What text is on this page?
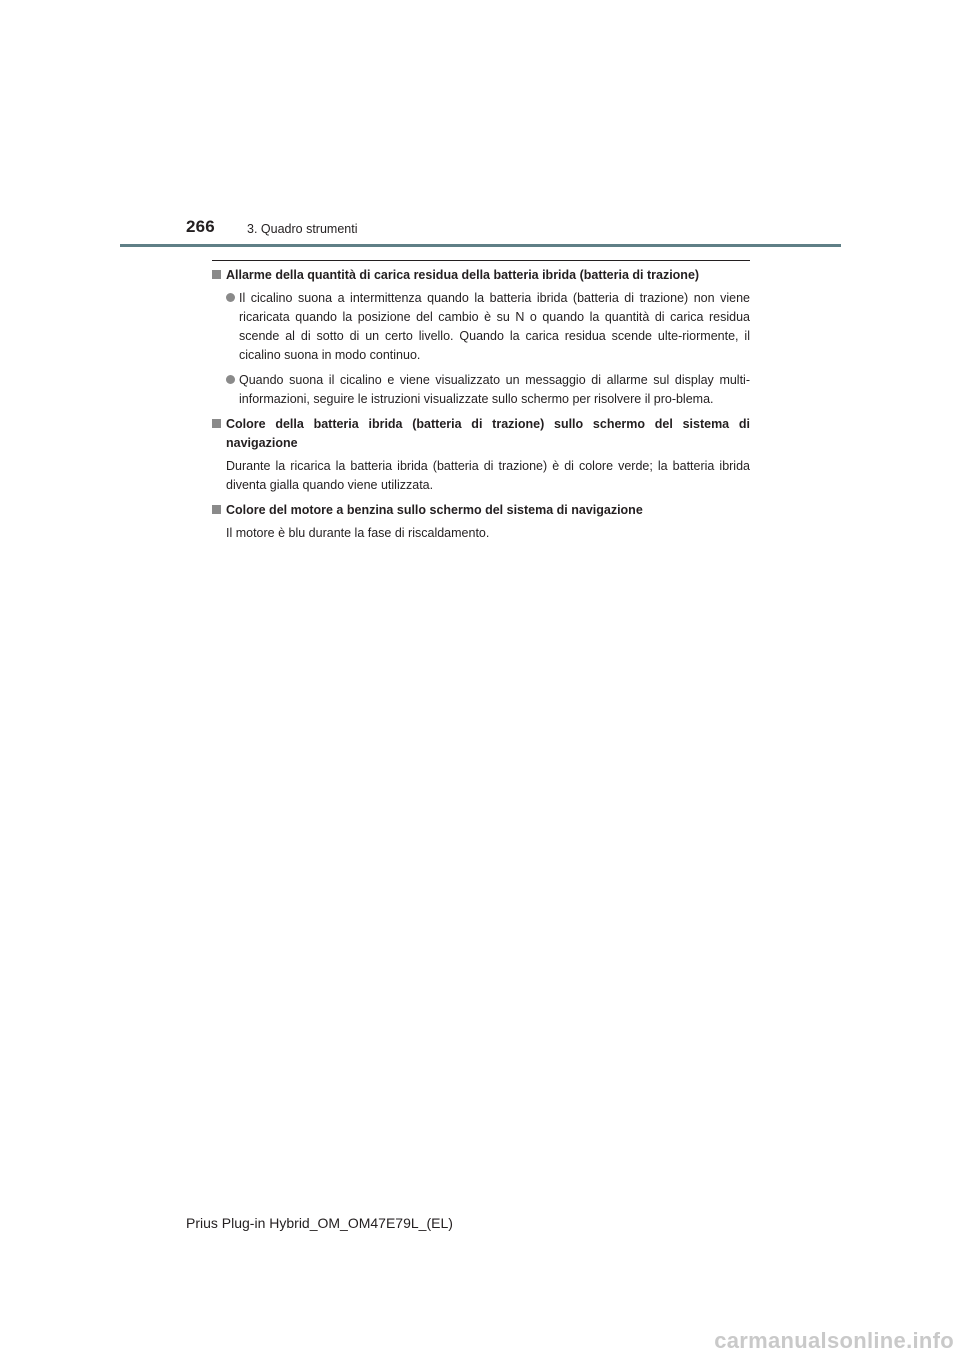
266	3. Quadro strumenti
Allarme della quantità di carica residua della batteria ibrida (batteria di trazione)
Il cicalino suona a intermittenza quando la batteria ibrida (batteria di trazione) non viene ricaricata quando la posizione del cambio è su N o quando la quantità di carica residua scende al di sotto di un certo livello. Quando la carica residua scende ulte-riormente, il cicalino suona in modo continuo.
Quando suona il cicalino e viene visualizzato un messaggio di allarme sul display multi-informazioni, seguire le istruzioni visualizzate sullo schermo per risolvere il pro-blema.
Colore della batteria ibrida (batteria di trazione) sullo schermo del sistema di navigazione
Durante la ricarica la batteria ibrida (batteria di trazione) è di colore verde; la batteria ibrida diventa gialla quando viene utilizzata.
Colore del motore a benzina sullo schermo del sistema di navigazione
Il motore è blu durante la fase di riscaldamento.
Prius Plug-in Hybrid_OM_OM47E79L_(EL)
carmanualsonline.info
